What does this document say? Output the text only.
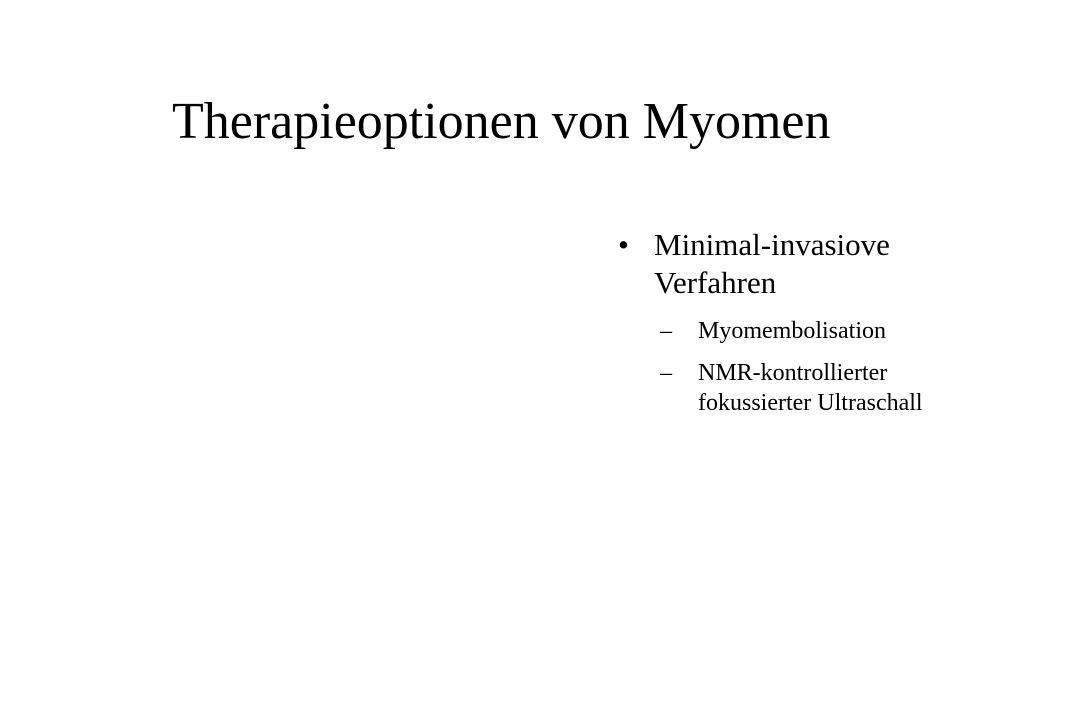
Therapieoptionen von Myomen
• Minimal-invasiove
Verfahren
– Myomembolisation
– NMR-kontrollierter
fokussierter Ultraschall
